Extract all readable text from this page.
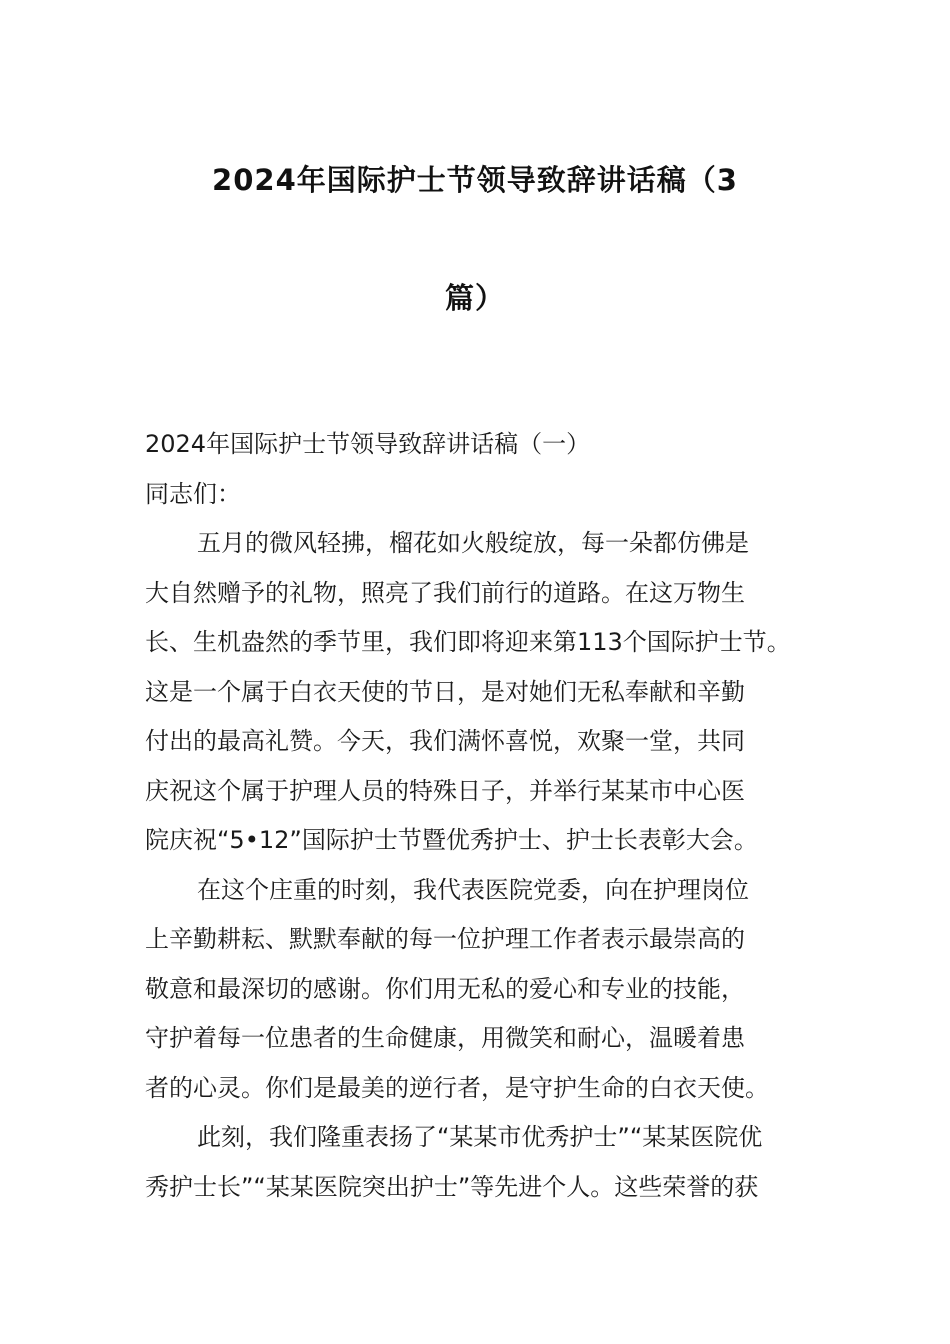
2024年国际护士节领导致辞讲话稿（3
篇）
2024年国际护士节领导致辞讲话稿（一）
同志们：
五月的微风轻拂，榴花如火般绽放，每一朵都仿佛是
大自然赠予的礼物，照亮了我们前行的道路。在这万物生
长、生机盎然的季节里，我们即将迎来第113个国际护士节。
这是一个属于白衣天使的节日，是对她们无私奉献和辛勤
付出的最高礼赞。今天，我们满怀喜悦，欢聚一堂，共同
庆祝这个属于护理人员的特殊日子，并举行某某市中心医
院庆祝“5•12”国际护士节暨优秀护士、护士长表彰大会。
在这个庄重的时刻，我代表医院党委，向在护理岗位
上辛勤耕耘、默默奉献的每一位护理工作者表示最崇高的
敬意和最深切的感谢。你们用无私的爱心和专业的技能，
守护着每一位患者的生命健康，用微笑和耐心，温暖着患
者的心灵。你们是最美的逆行者，是守护生命的白衣天使。
此刻，我们隆重表扬了“某某市优秀护士”“某某医院优
秀护士长”“某某医院突出护士”等先进个人。这些荣誉的获
